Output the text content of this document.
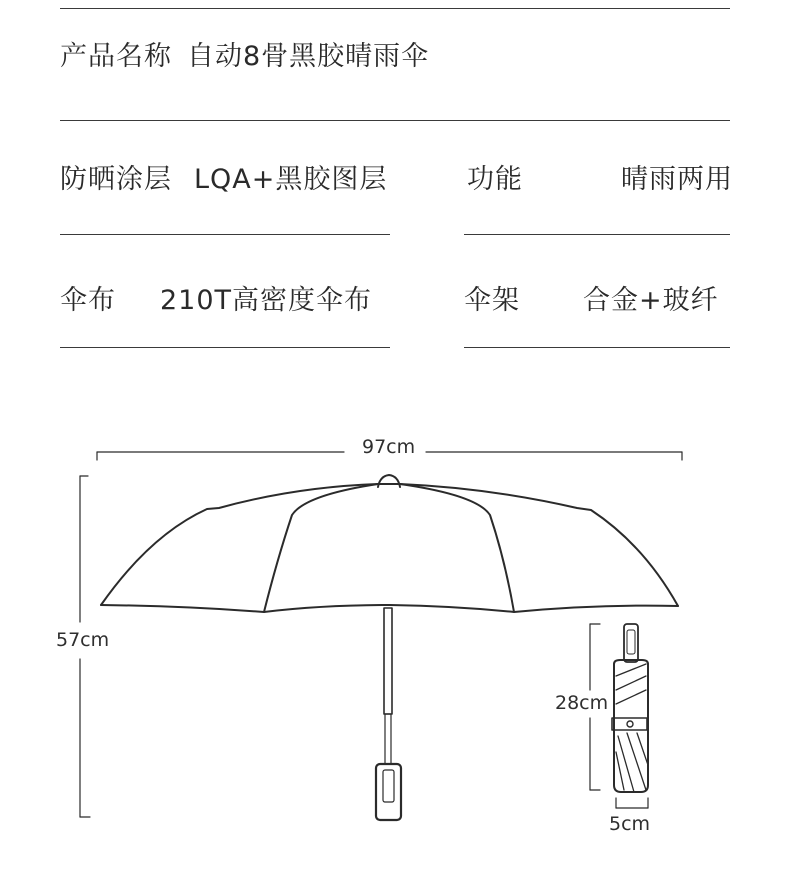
产品名称 自动8骨黑胶晴雨伞
防晒涂层 LQA+黑胶图层	功能	晴雨两用
伞布 210T高密度伞布	伞架 合金+玻纤
97cm
57cm
28cm
5cm
